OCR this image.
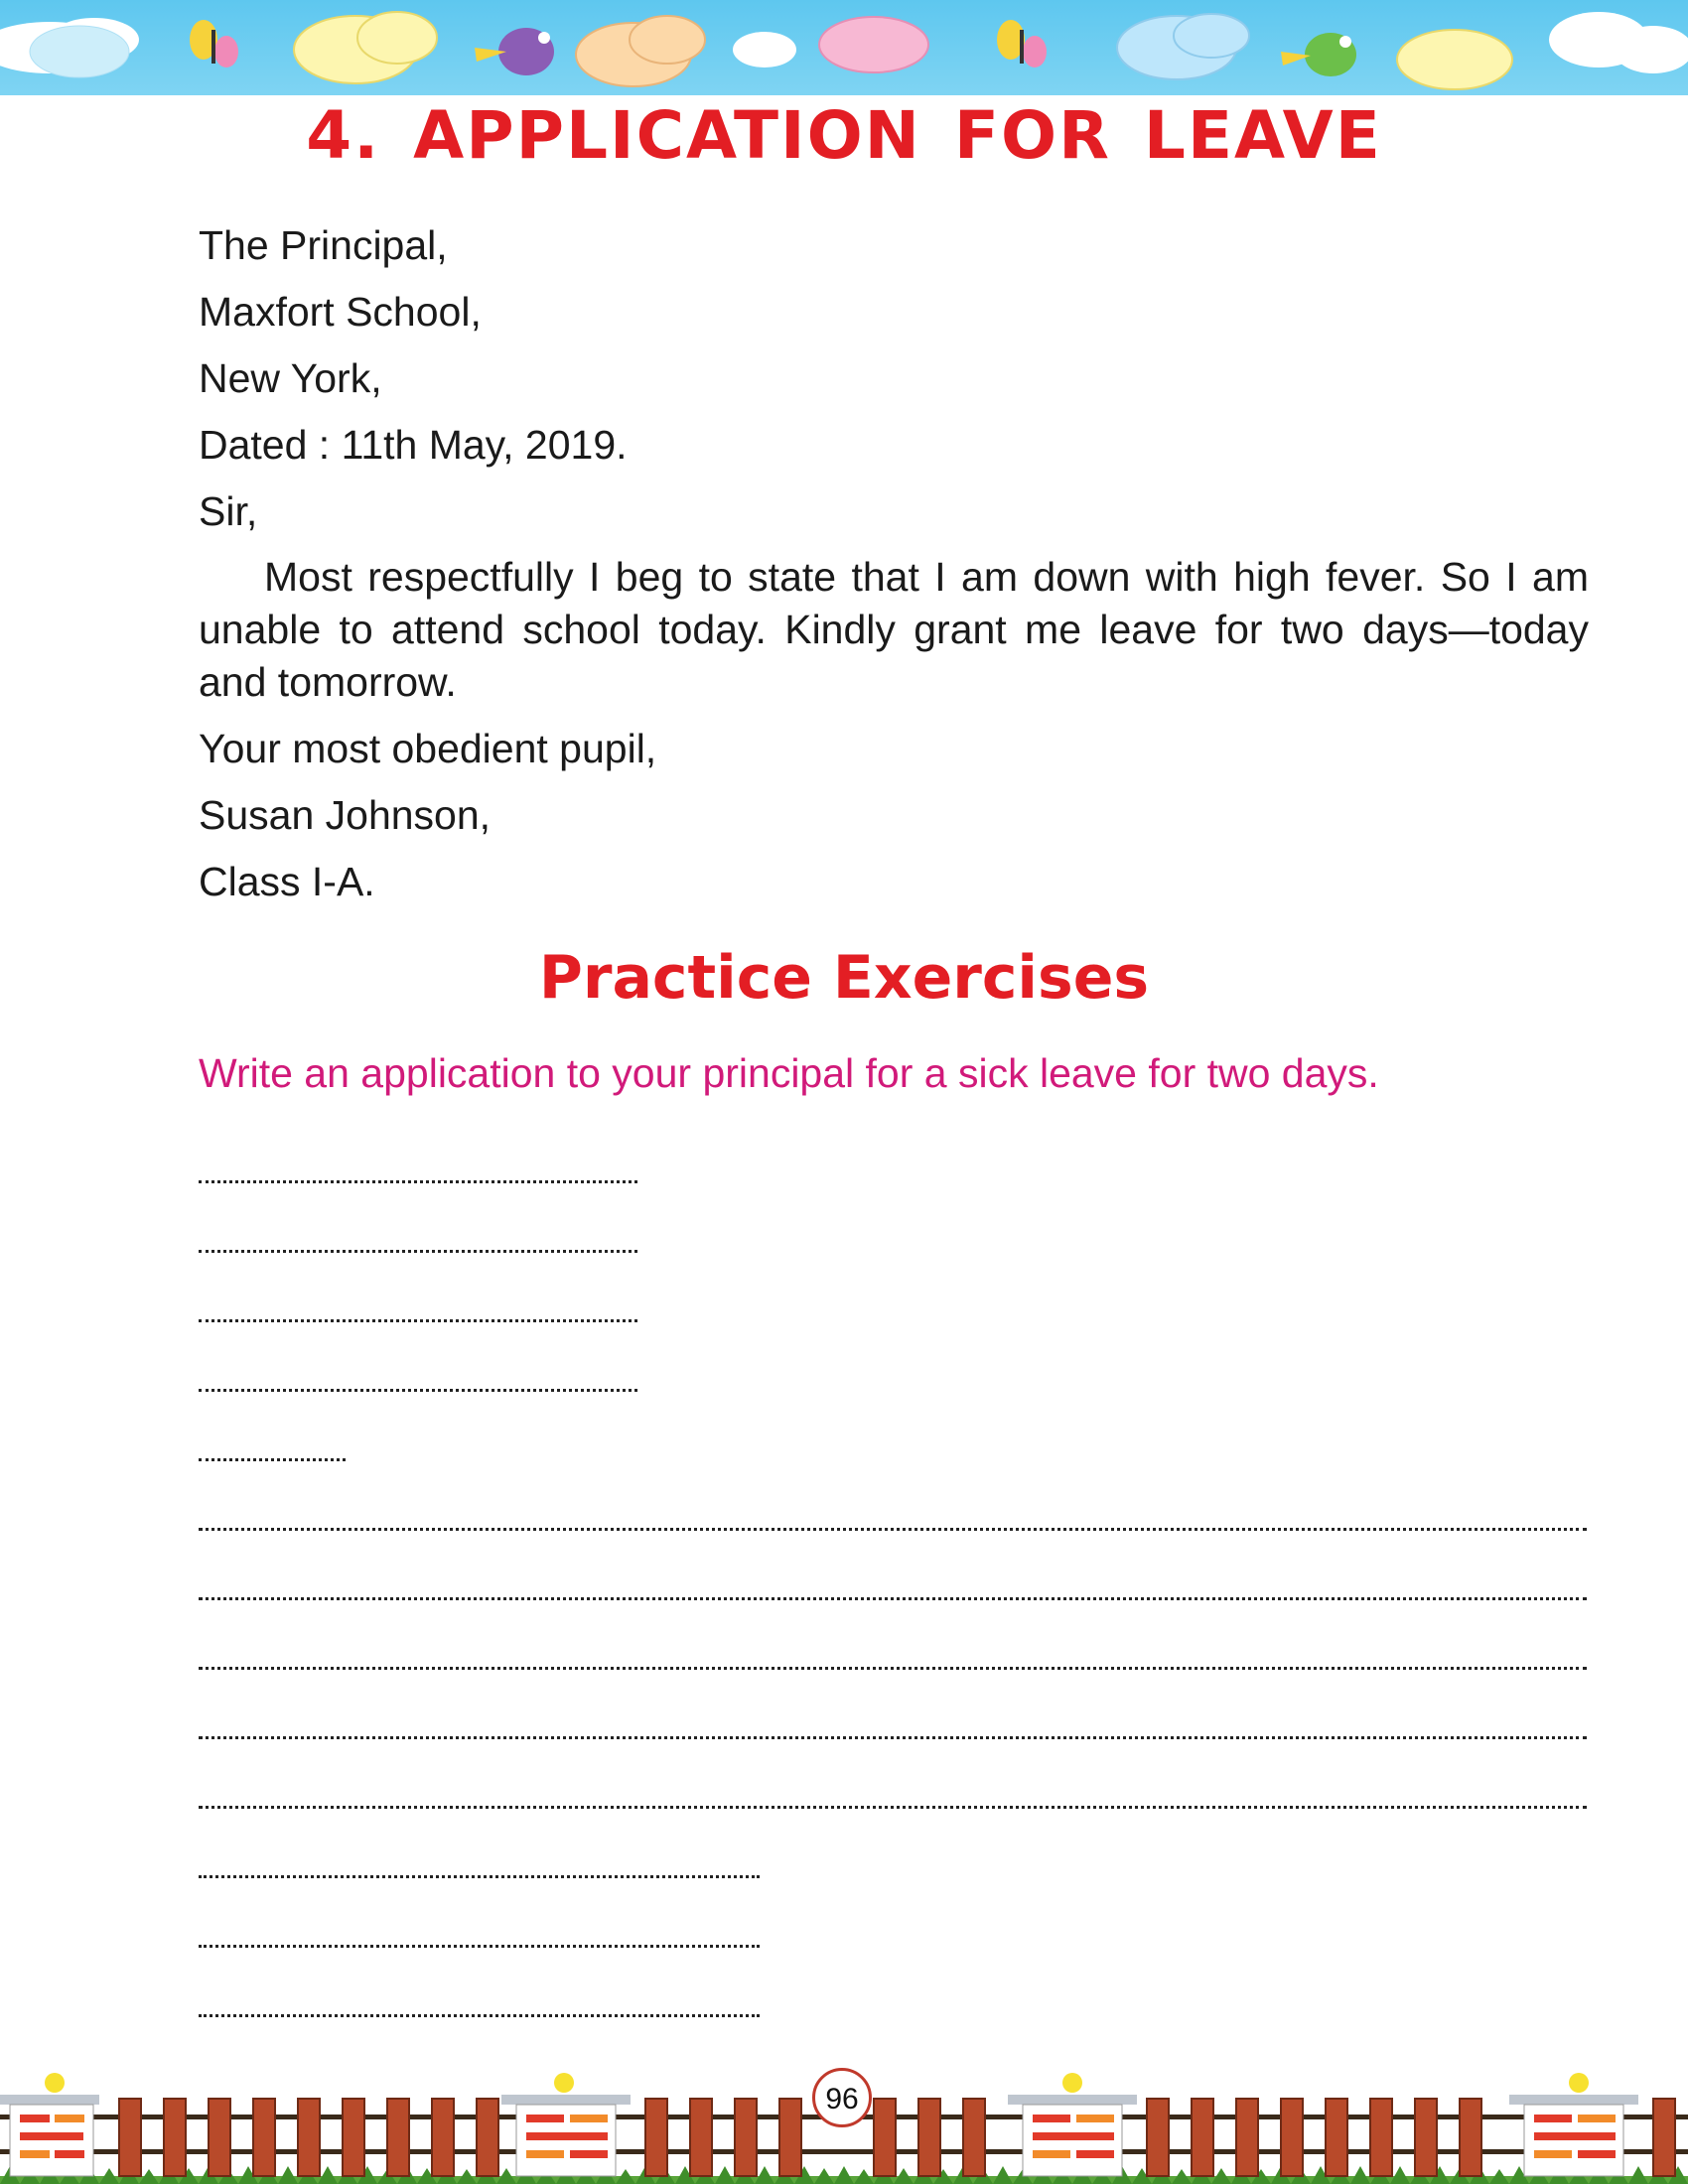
4. APPLICATION FOR LEAVE
The Principal,
Maxfort School,
New York,
Dated : 11th May, 2019.
Sir,
Most respectfully I beg to state that I am down with high fever. So I am unable to attend school today. Kindly grant me leave for two days—today and tomorrow.
Your most obedient pupil,
Susan Johnson,
Class I-A.
Practice Exercises
Write an application to your principal for a sick leave for two days.
96
